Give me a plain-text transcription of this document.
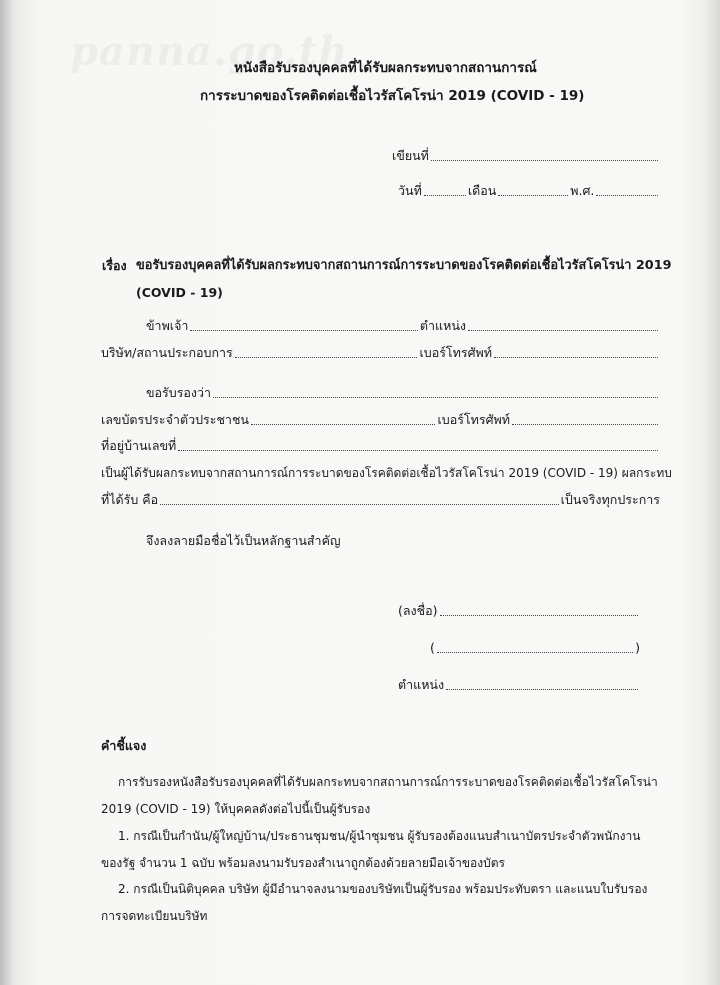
หนังสือรับรองบุคคลที่ได้รับผลกระทบจากสถานการณ์
การระบาดของโรคติดต่อเชื้อไวรัสโคโรน่า 2019 (COVID - 19)
เขียนที่
วันที่	เดือน	พ.ศ.
เรื่อง ขอรับรองบุคคลที่ได้รับผลกระทบจากสถานการณ์การระบาดของโรคติดต่อเชื้อไวรัสโคโรน่า 2019
(COVID - 19)
ข้าพเจ้า	ตำแหน่ง
บริษัท/สถานประกอบการ	เบอร์โทรศัพท์
ขอรับรองว่า
เลขบัตรประจำตัวประชาชน	เบอร์โทรศัพท์
ที่อยู่บ้านเลขที่
เป็นผู้ได้รับผลกระทบจากสถานการณ์การระบาดของโรคติดต่อเชื้อไวรัสโคโรน่า 2019 (COVID - 19) ผลกระทบ
ที่ได้รับ คือ	เป็นจริงทุกประการ
จึงลงลายมือชื่อไว้เป็นหลักฐานสำคัญ
(ลงชื่อ)
(	)
ตำแหน่ง
คำชี้แจง
การรับรองหนังสือรับรองบุคคลที่ได้รับผลกระทบจากสถานการณ์การระบาดของโรคติดต่อเชื้อไวรัสโคโรน่า
2019 (COVID - 19) ให้บุคคลดังต่อไปนี้เป็นผู้รับรอง
1. กรณีเป็นกำนัน/ผู้ใหญ่บ้าน/ประธานชุมชน/ผู้นำชุมชน ผู้รับรองต้องแนบสำเนาบัตรประจำตัวพนักงาน
ของรัฐ จำนวน 1 ฉบับ พร้อมลงนามรับรองสำเนาถูกต้องด้วยลายมือเจ้าของบัตร
2. กรณีเป็นนิติบุคคล บริษัท ผู้มีอำนาจลงนามของบริษัทเป็นผู้รับรอง พร้อมประทับตรา และแนบใบรับรอง
การจดทะเบียนบริษัท
